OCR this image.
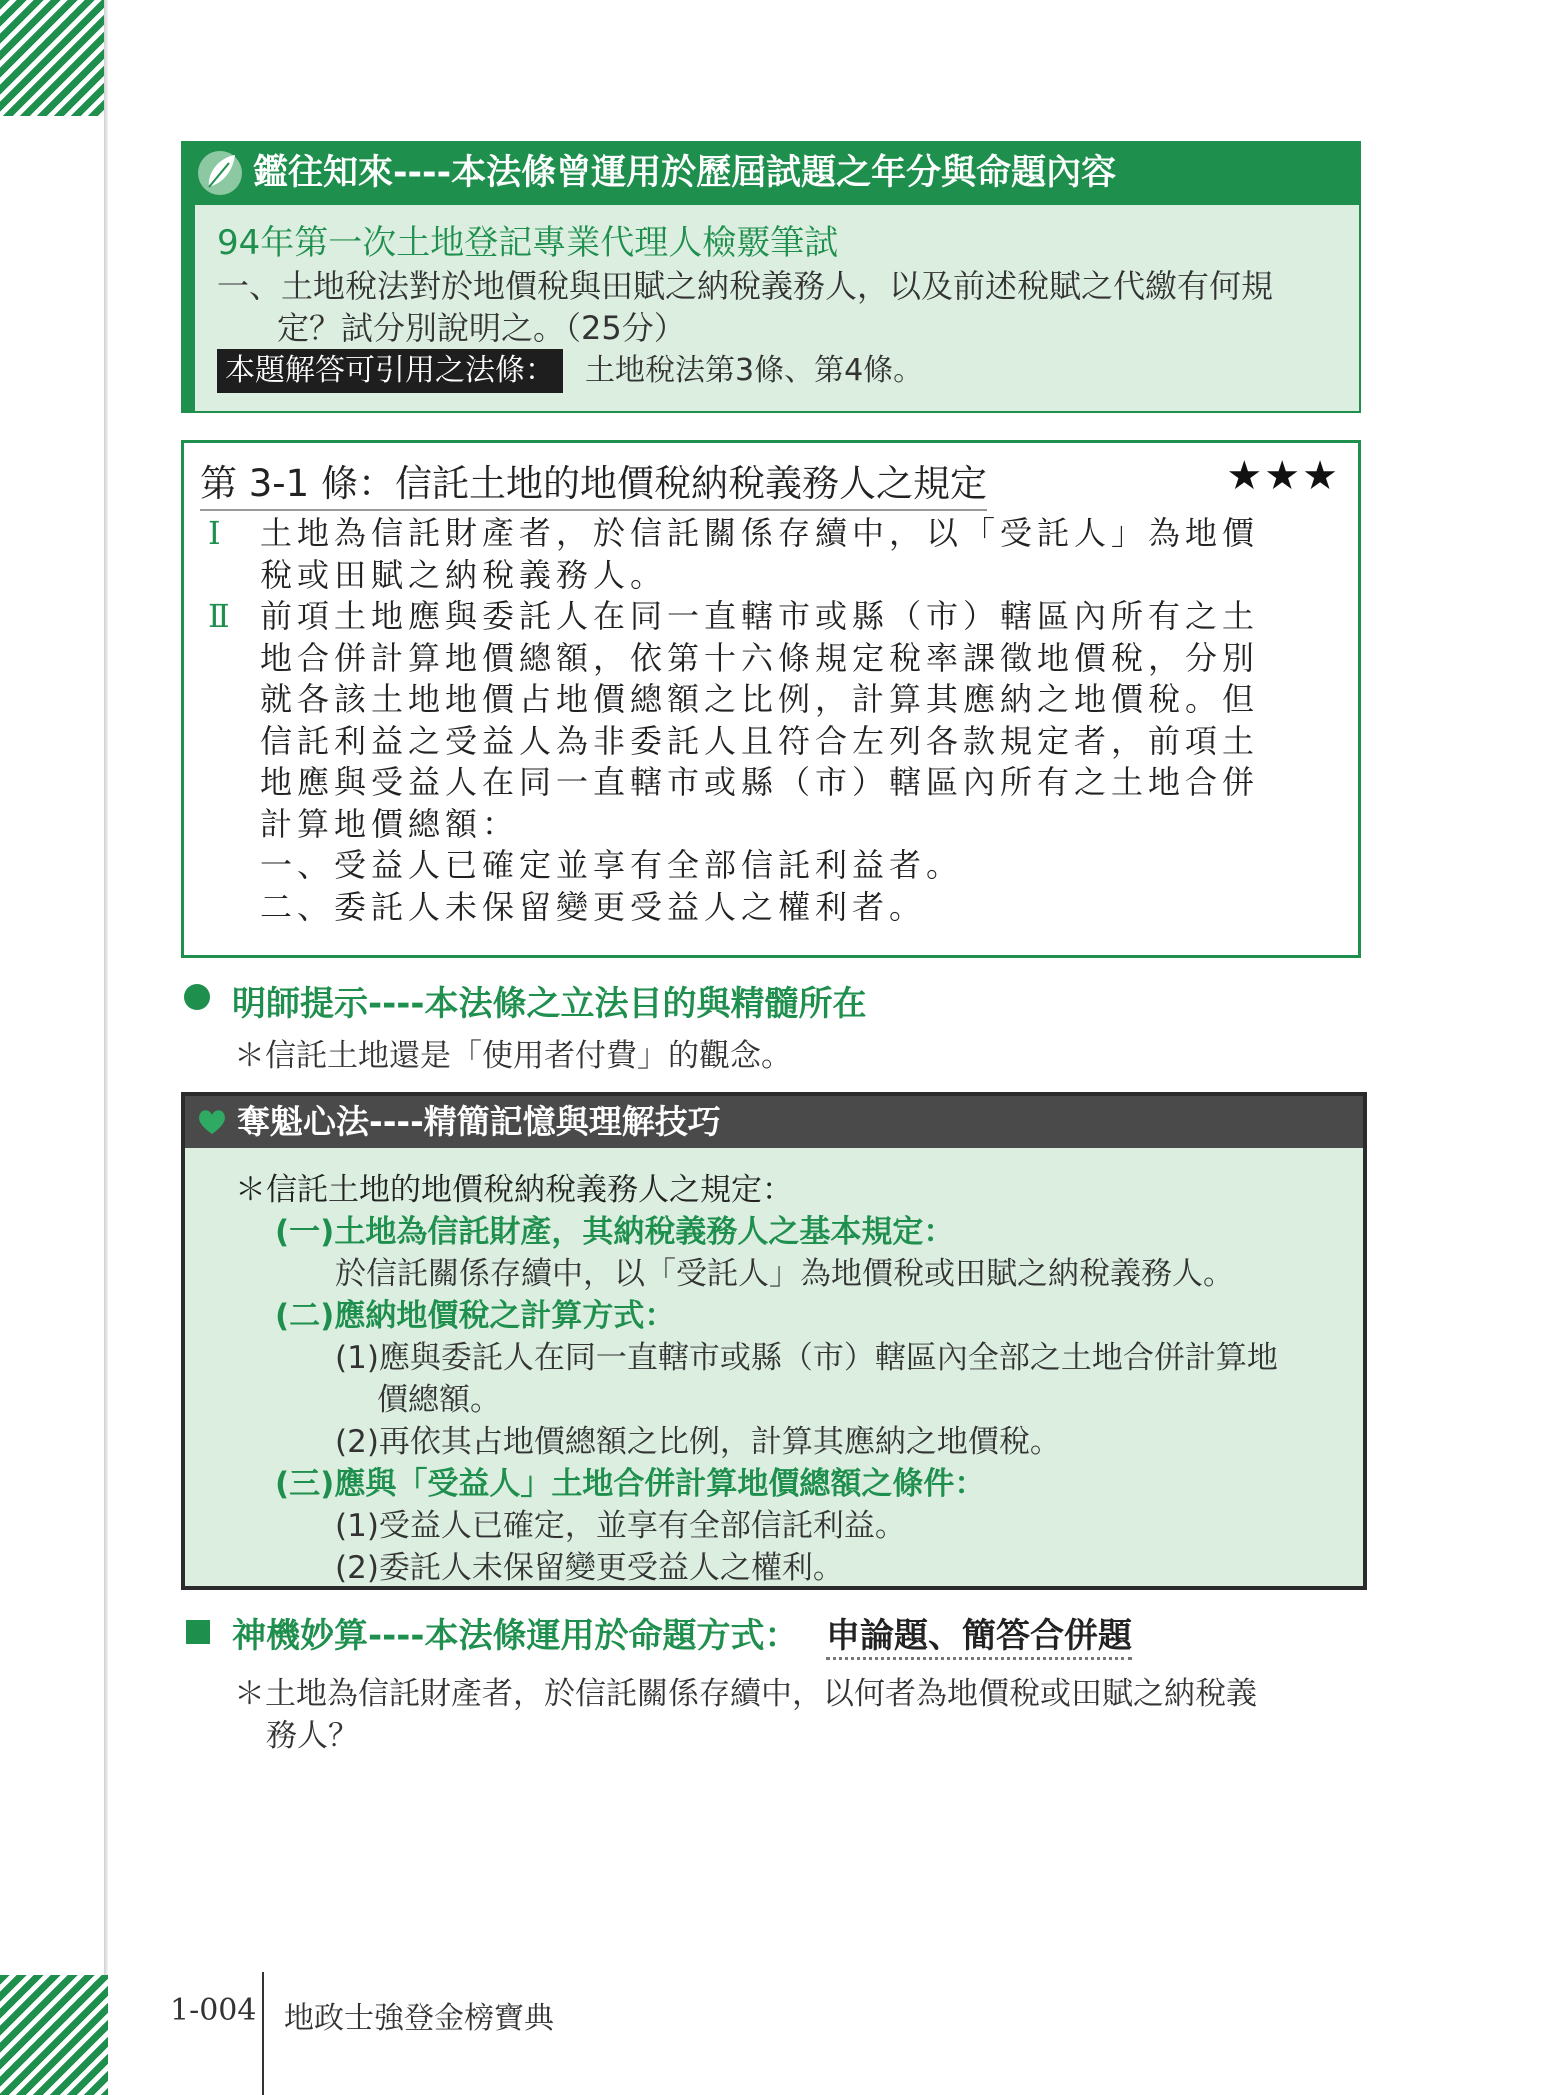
鑑往知來----本法條曾運用於歷屆試題之年分與命題內容
94年第一次土地登記專業代理人檢覈筆試
一、土地稅法對於地價稅與田賦之納稅義務人，以及前述稅賦之代繳有何規
定？試分別說明之。（25分）
本題解答可引用之法條： 土地稅法第3條、第4條。
第 3-1 條：信託土地的地價稅納稅義務人之規定	★★★
Ⅰ	土地為信託財產者，於信託關係存續中，以「受託人」為地價
稅或田賦之納稅義務人。
Ⅱ 前項土地應與委託人在同一直轄市或縣（市）轄區內所有之土
地合併計算地價總額，依第十六條規定稅率課徵地價稅，分別
就各該土地地價占地價總額之比例，計算其應納之地價稅。但
信託利益之受益人為非委託人且符合左列各款規定者，前項土
地應與受益人在同一直轄市或縣（市）轄區內所有之土地合併
計算地價總額：
一、受益人已確定並享有全部信託利益者。
二、委託人未保留變更受益人之權利者。
明師提示----本法條之立法目的與精髓所在
＊信託土地還是「使用者付費」的觀念。
奪魁心法----精簡記憶與理解技巧
＊信託土地的地價稅納稅義務人之規定：
(一)土地為信託財產，其納稅義務人之基本規定：
於信託關係存續中，以「受託人」為地價稅或田賦之納稅義務人。
(二)應納地價稅之計算方式：
(1)應與委託人在同一直轄市或縣（市）轄區內全部之土地合併計算地
價總額。
(2)再依其占地價總額之比例，計算其應納之地價稅。
(三)應與「受益人」土地合併計算地價總額之條件：
(1)受益人已確定，並享有全部信託利益。
(2)委託人未保留變更受益人之權利。
神機妙算----本法條運用於命題方式： 申論題、簡答合併題
＊土地為信託財產者，於信託關係存續中，以何者為地價稅或田賦之納稅義
務人？
1-004 地政士強登金榜寶典
